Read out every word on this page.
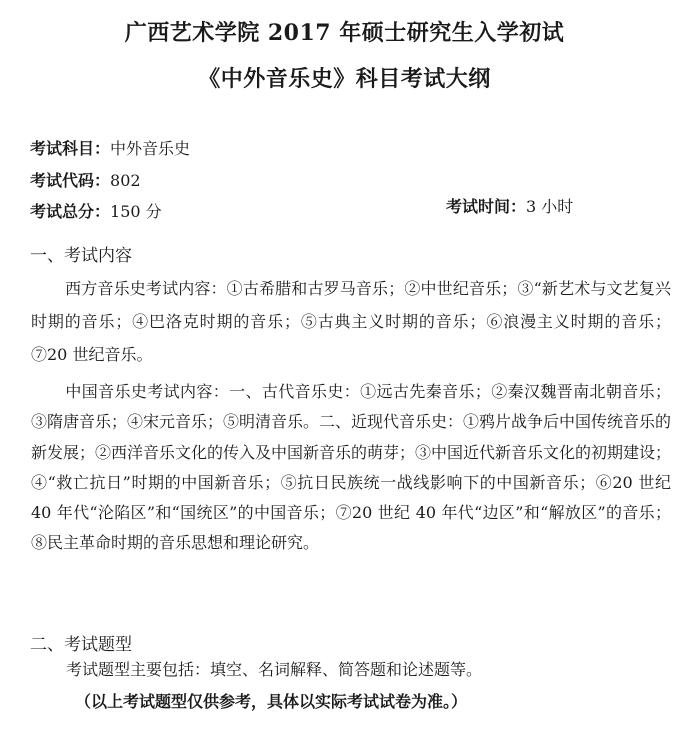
广西艺术学院 2017 年硕士研究生入学初试
《中外音乐史》科目考试大纲
考试科目：中外音乐史
考试代码：802
考试总分：150 分	考试时间：3 小时
一、考试内容
西方音乐史考试内容：①古希腊和古罗马音乐；②中世纪音乐；③“新艺术与文艺复兴时期的音乐；④巴洛克时期的音乐；⑤古典主义时期的音乐；⑥浪漫主义时期的音乐；⑦20 世纪音乐。
中国音乐史考试内容：一、古代音乐史：①远古先秦音乐；②秦汉魏晋南北朝音乐；③隋唐音乐；④宋元音乐；⑤明清音乐。二、近现代音乐史：①鸦片战争后中国传统音乐的新发展；②西洋音乐文化的传入及中国新音乐的萌芽；③中国近代新音乐文化的初期建设；④“救亡抗日”时期的中国新音乐；⑤抗日民族统一战线影响下的中国新音乐；⑥20 世纪 40 年代“沦陷区”和“国统区”的中国音乐；⑦20 世纪 40 年代“边区”和“解放区”的音乐；⑧民主革命时期的音乐思想和理论研究。
二、考试题型
考试题型主要包括：填空、名词解释、简答题和论述题等。
（以上考试题型仅供参考，具体以实际考试试卷为准。）
